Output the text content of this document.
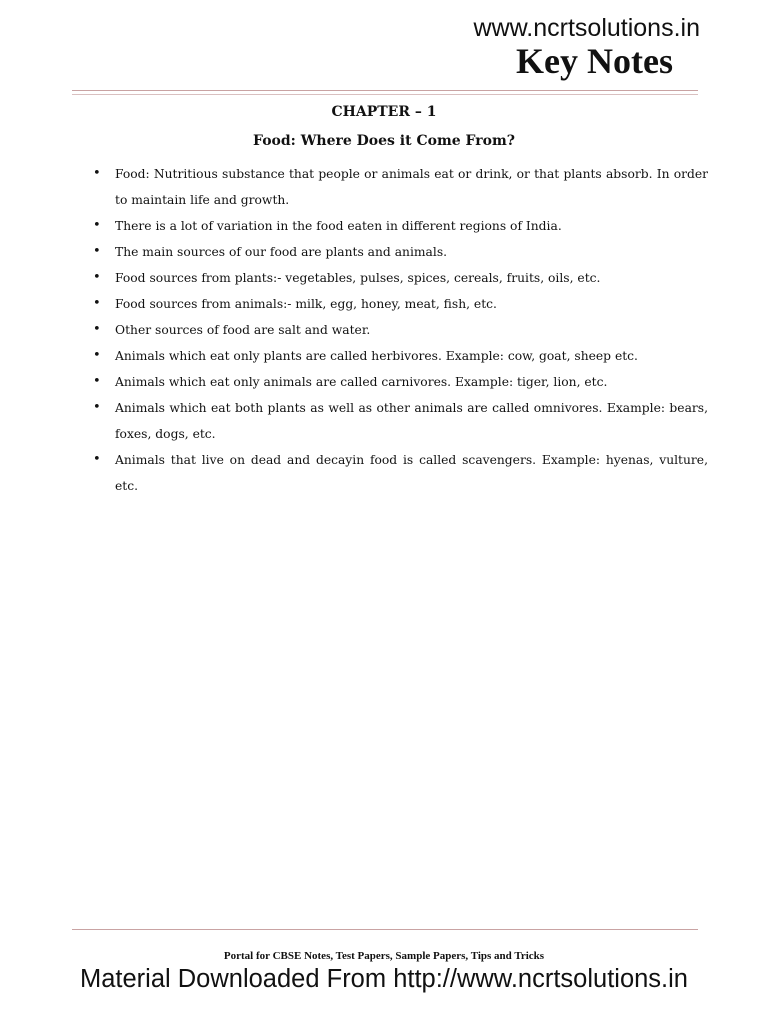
www.ncrtsolutions.in
Key Notes
CHAPTER – 1
Food: Where Does it Come From?
• Food: Nutritious substance that people or animals eat or drink, or that plants absorb. In order to maintain life and growth.
• There is a lot of variation in the food eaten in different regions of India.
• The main sources of our food are plants and animals.
• Food sources from plants:- vegetables, pulses, spices, cereals, fruits, oils, etc.
• Food sources from animals:- milk, egg, honey, meat, fish, etc.
• Other sources of food are salt and water.
• Animals which eat only plants are called herbivores. Example: cow, goat, sheep etc.
• Animals which eat only animals are called carnivores. Example: tiger, lion, etc.
• Animals which eat both plants as well as other animals are called omnivores. Example: bears, foxes, dogs, etc.
• Animals that live on dead and decayin food is called scavengers. Example: hyenas, vulture, etc.
Portal for CBSE Notes, Test Papers, Sample Papers, Tips and Tricks
Material Downloaded From http://www.ncrtsolutions.in
